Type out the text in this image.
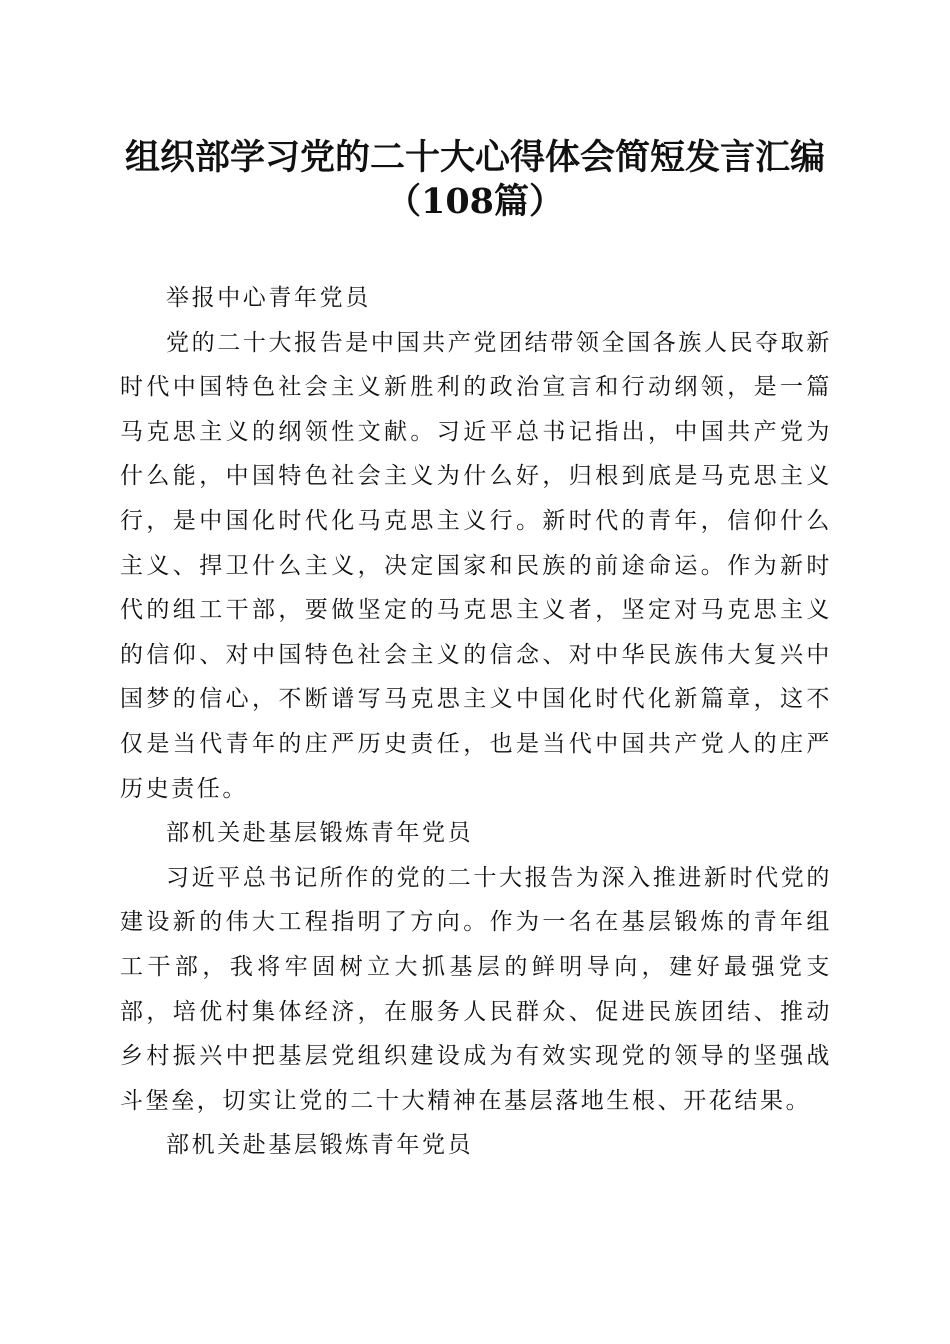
组织部学习党的二十大心得体会简短发言汇编
（108篇）

举报中心青年党员

党的二十大报告是中国共产党团结带领全国各族人民夺取新时代中国特色社会主义新胜利的政治宣言和行动纲领，是一篇马克思主义的纲领性文献。习近平总书记指出，中国共产党为什么能，中国特色社会主义为什么好，归根到底是马克思主义行，是中国化时代化马克思主义行。新时代的青年，信仰什么主义、捍卫什么主义，决定国家和民族的前途命运。作为新时代的组工干部，要做坚定的马克思主义者，坚定对马克思主义的信仰、对中国特色社会主义的信念、对中华民族伟大复兴中国梦的信心，不断谱写马克思主义中国化时代化新篇章，这不仅是当代青年的庄严历史责任，也是当代中国共产党人的庄严历史责任。

部机关赴基层锻炼青年党员

习近平总书记所作的党的二十大报告为深入推进新时代党的建设新的伟大工程指明了方向。作为一名在基层锻炼的青年组工干部，我将牢固树立大抓基层的鲜明导向，建好最强党支部，培优村集体经济，在服务人民群众、促进民族团结、推动乡村振兴中把基层党组织建设成为有效实现党的领导的坚强战斗堡垒，切实让党的二十大精神在基层落地生根、开花结果。

部机关赴基层锻炼青年党员
